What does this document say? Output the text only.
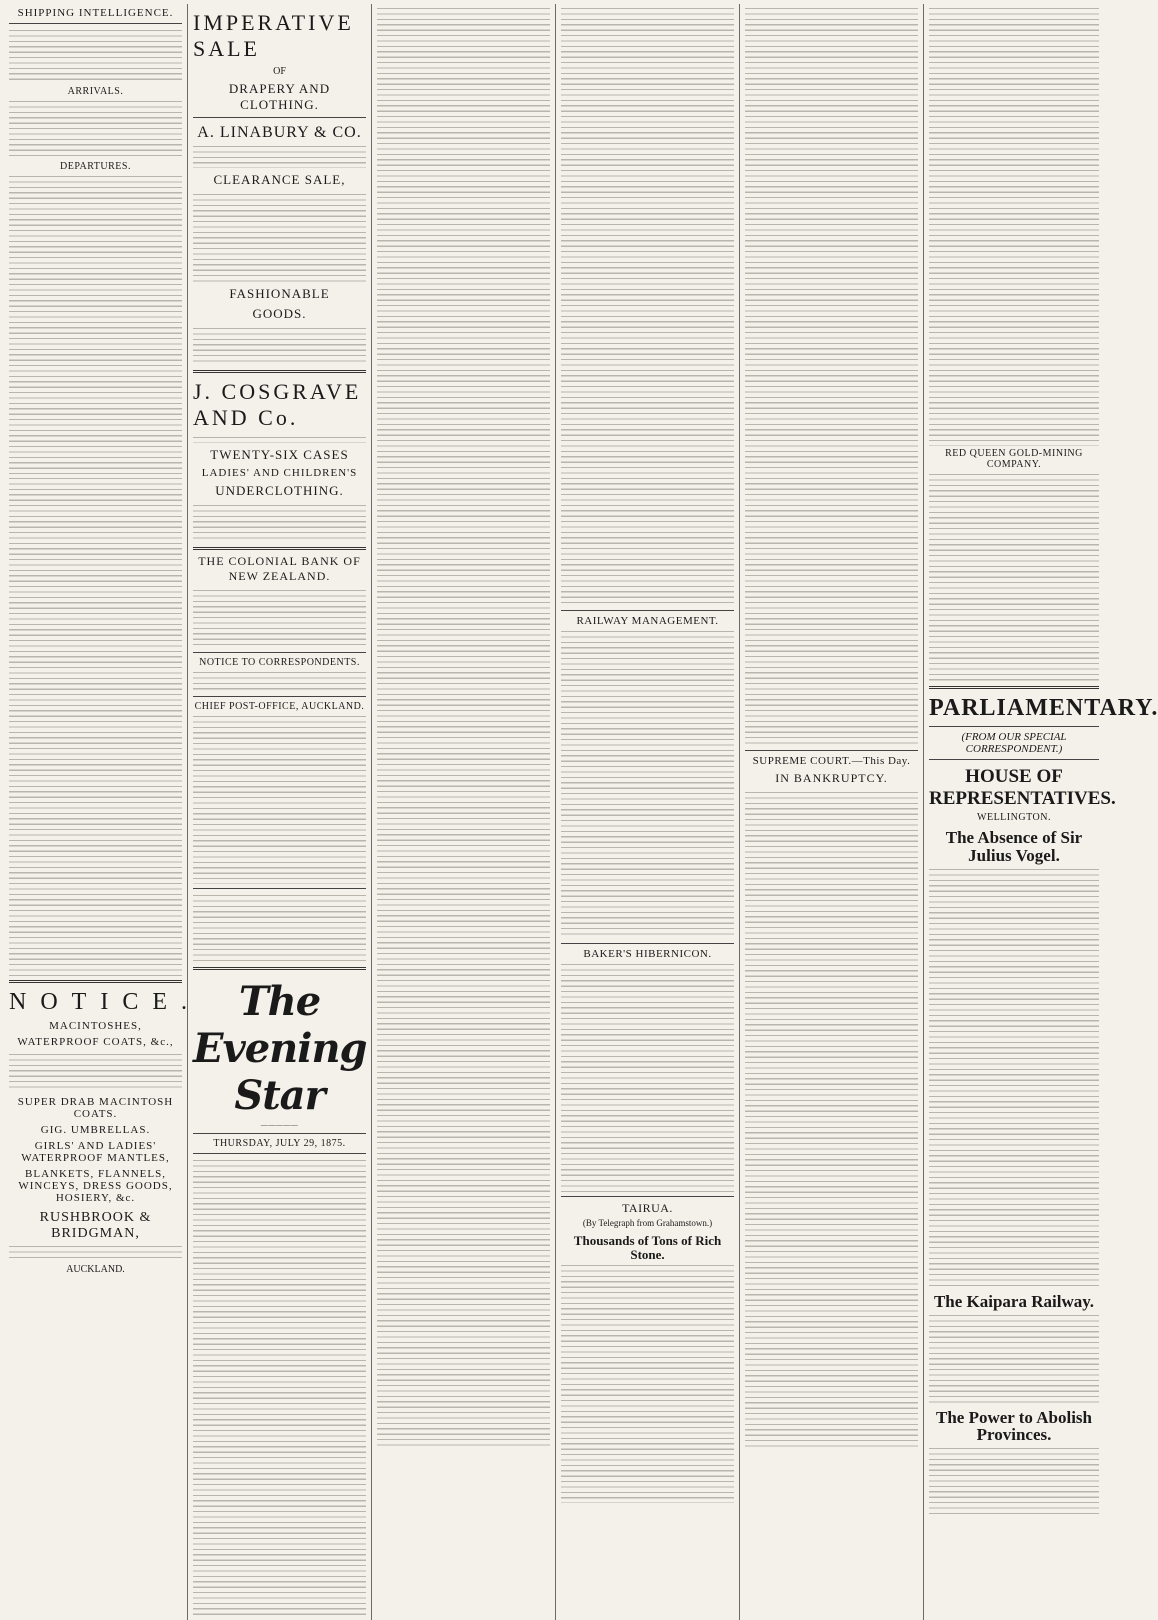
SHIPPING INTELLIGENCE.
ARRIVALS.
DEPARTURES.
NOTICE.
MACINTOSHES,
WATERPROOF COATS, &c.,
SUPER DRAB MACINTOSH COATS.
GIG. UMBRELLAS.
GIRLS' AND LADIES' WATERPROOF MANTLES,
BLANKETS, FLANNELS, WINCEYS, DRESS GOODS, HOSIERY, &c.
RUSHBROOK & BRIDGMAN,
AUCKLAND.
IMPERATIVE SALE
OF
DRAPERY AND CLOTHING.
A. LINABURY & CO.
CLEARANCE SALE,
FASHIONABLE
GOODS.
J. COSGRAVE AND Co.
TWENTY-SIX CASES
LADIES' AND CHILDREN'S
UNDERCLOTHING.
THE COLONIAL BANK OF NEW ZEALAND.
NOTICE TO CORRESPONDENTS.
CHIEF POST-OFFICE, AUCKLAND.
The Evening Star
—————
THURSDAY, JULY 29, 1875.
RAILWAY MANAGEMENT.
BAKER'S HIBERNICON.
TAIRUA.
(By Telegraph from Grahamstown.)
Thousands of Tons of Rich Stone.
SUPREME COURT.—This Day.
IN BANKRUPTCY.
RED QUEEN GOLD-MINING COMPANY.
PARLIAMENTARY.
(FROM OUR SPECIAL CORRESPONDENT.)
HOUSE OF REPRESENTATIVES.
WELLINGTON.
The Absence of Sir Julius Vogel.
The Kaipara Railway.
The Power to Abolish Provinces.
